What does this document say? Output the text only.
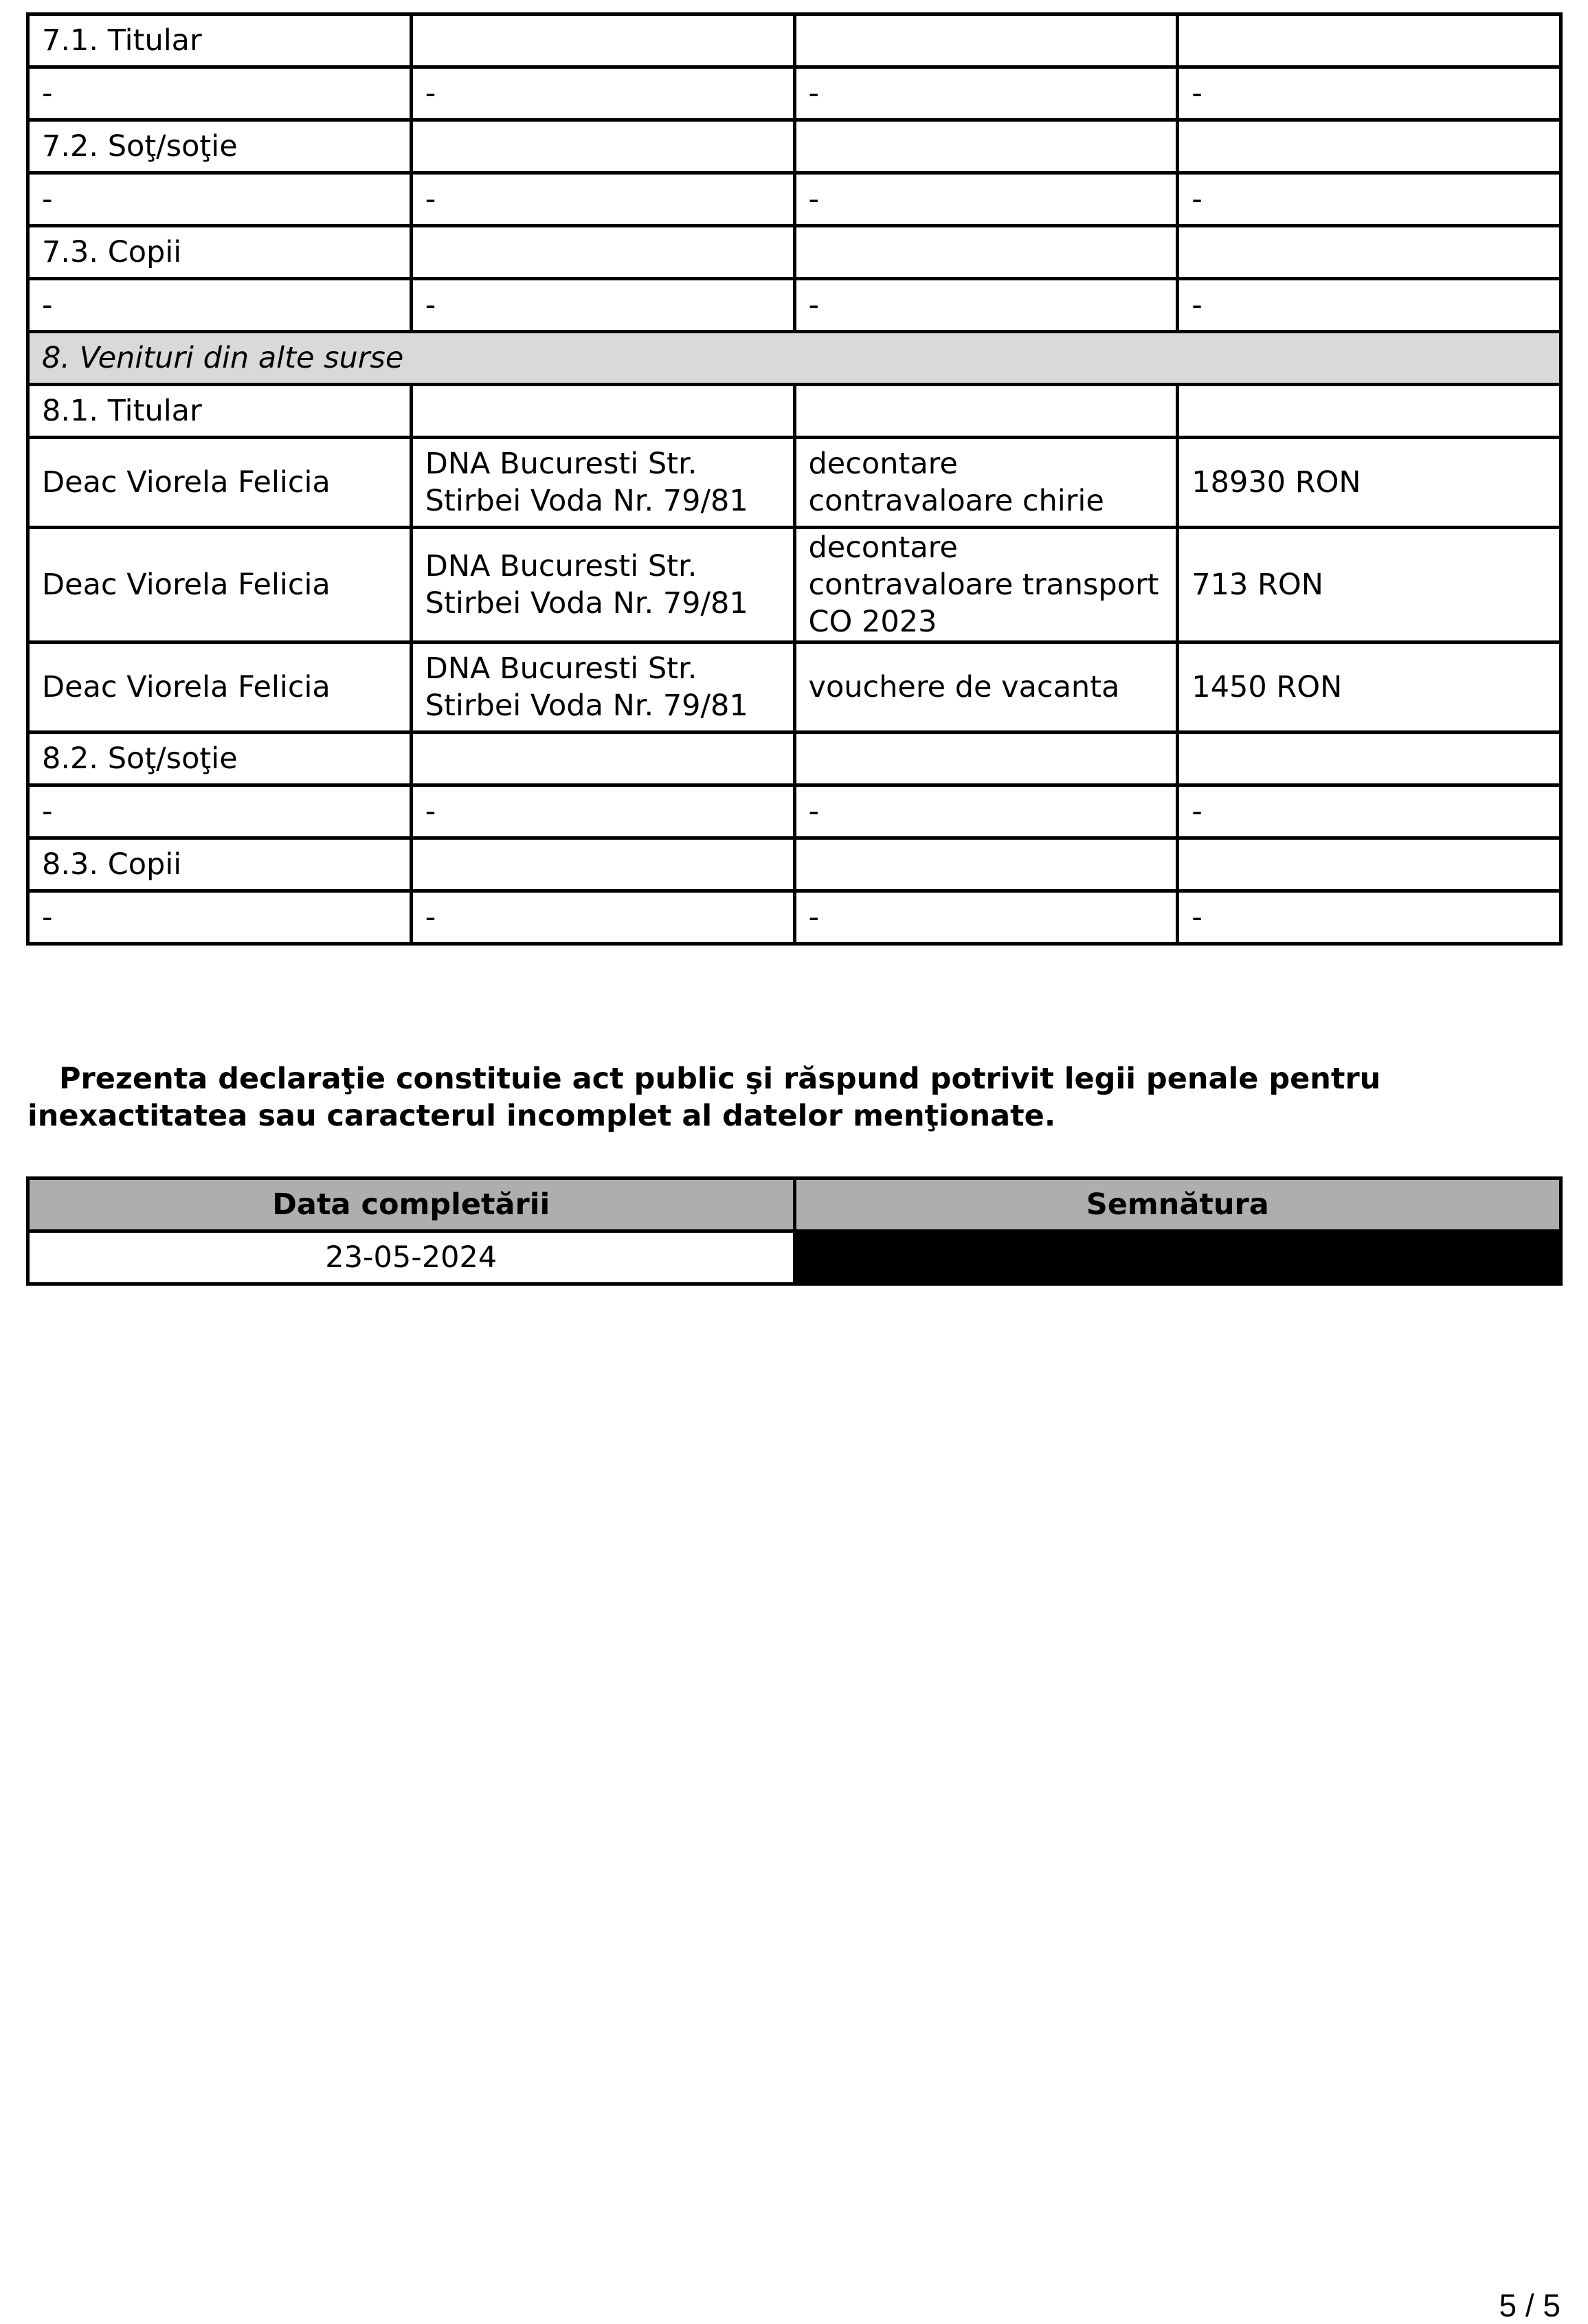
7.1. Titular			
-	-	-	-
7.2. Soţ/soţie			
-	-	-	-
7.3. Copii			
-	-	-	-
8. Venituri din alte surse			
8.1. Titular			
Deac Viorela Felicia	DNA Bucuresti Str. Stirbei Voda Nr. 79/81	decontare contravaloare chirie	18930 RON
Deac Viorela Felicia	DNA Bucuresti Str. Stirbei Voda Nr. 79/81	decontare contravaloare transport CO 2023	713 RON
Deac Viorela Felicia	DNA Bucuresti Str. Stirbei Voda Nr. 79/81	vouchere de vacanta	1450 RON
8.2. Soţ/soţie			
-	-	-	-
8.3. Copii			
-	-	-	-

Prezenta declaraţie constituie act public şi răspund potrivit legii penale pentru inexactitatea sau caracterul incomplet al datelor menţionate.

Data completării	Semnătura
23-05-2024	
5 / 5
